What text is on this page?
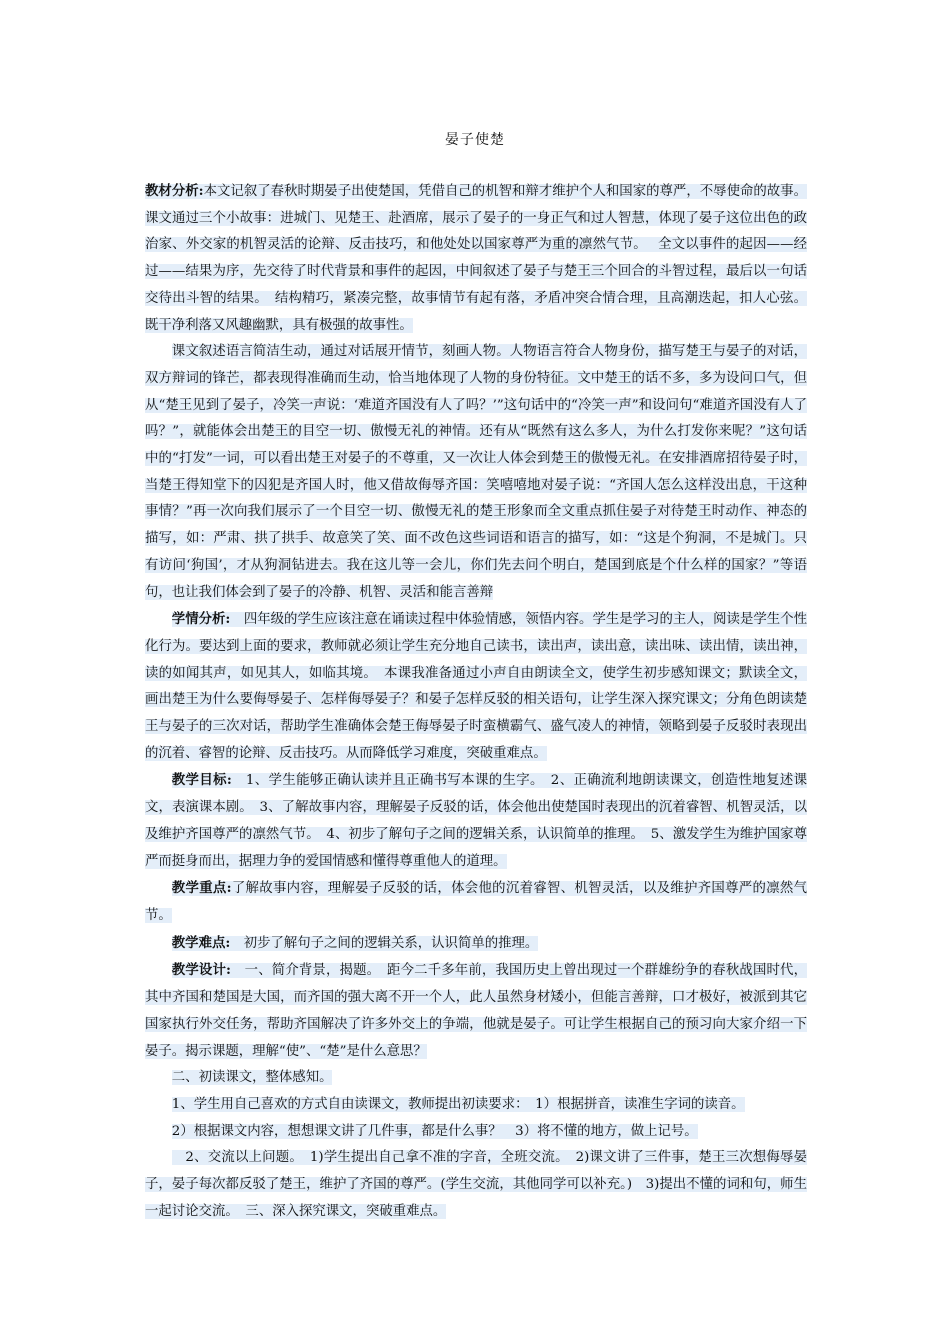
晏子使楚

教材分析:本文记叙了春秋时期晏子出使楚国，凭借自己的机智和辩才维护个人和国家的尊严，不辱使命的故事。课文通过三个小故事：进城门、见楚王、赴酒席，展示了晏子的一身正气和过人智慧，体现了晏子这位出色的政治家、外交家的机智灵活的论辩、反击技巧，和他处处以国家尊严为重的凛然气节。　 全文以事件的起因——经过——结果为序，先交待了时代背景和事件的起因，中间叙述了晏子与楚王三个回合的斗智过程，最后以一句话交待出斗智的结果。　结构精巧，紧凑完整，故事情节有起有落，矛盾冲突合情合理，且高潮迭起，扣人心弦。既干净利落又风趣幽默，具有极强的故事性。

课文叙述语言简洁生动，通过对话展开情节，刻画人物。人物语言符合人物身份，描写楚王与晏子的对话，双方辩词的锋芒，都表现得准确而生动，恰当地体现了人物的身份特征。文中楚王的话不多，多为设问口气，但从“楚王见到了晏子，冷笑一声说：‘难道齐国没有人了吗？’”这句话中的“冷笑一声”和设问句“难道齐国没有人了吗？”，就能体会出楚王的目空一切、傲慢无礼的神情。还有从“既然有这么多人，为什么打发你来呢？”这句话中的“打发”一词，可以看出楚王对晏子的不尊重，又一次让人体会到楚王的傲慢无礼。在安排酒席招待晏子时，当楚王得知堂下的囚犯是齐国人时，他又借故侮辱齐国：笑嘻嘻地对晏子说：“齐国人怎么这样没出息，干这种事情？”再一次向我们展示了一个目空一切、傲慢无礼的楚王形象而全文重点抓住晏子对待楚王时动作、神态的描写，如：严肃、拱了拱手、故意笑了笑、面不改色这些词语和语言的描写，如：“这是个狗洞，不是城门。只有访问‘狗国’，才从狗洞钻进去。我在这儿等一会儿，你们先去问个明白，楚国到底是个什么样的国家？”等语句，也让我们体会到了晏子的冷静、机智、灵活和能言善辩

学情分析:　四年级的学生应该注意在诵读过程中体验情感，领悟内容。学生是学习的主人，阅读是学生个性化行为。要达到上面的要求，教师就必须让学生充分地自己读书，读出声，读出意，读出味、读出情，读出神，读的如闻其声，如见其人，如临其境。　本课我准备通过小声自由朗读全文，使学生初步感知课文；默读全文，画出楚王为什么要侮辱晏子、怎样侮辱晏子？和晏子怎样反驳的相关语句，让学生深入探究课文；分角色朗读楚王与晏子的三次对话，帮助学生准确体会楚王侮辱晏子时蛮横霸气、盛气凌人的神情，领略到晏子反驳时表现出的沉着、睿智的论辩、反击技巧。从而降低学习难度，突破重难点。

教学目标:　1、学生能够正确认读并且正确书写本课的生字。　2、正确流利地朗读课文，创造性地复述课文，表演课本剧。　3、了解故事内容，理解晏子反驳的话，体会他出使楚国时表现出的沉着睿智、机智灵活，以及维护齐国尊严的凛然气节。　4、初步了解句子之间的逻辑关系，认识简单的推理。　5、激发学生为维护国家尊严而挺身而出，据理力争的爱国情感和懂得尊重他人的道理。

教学重点:了解故事内容，理解晏子反驳的话，体会他的沉着睿智、机智灵活，以及维护齐国尊严的凛然气节。

教学难点:　初步了解句子之间的逻辑关系，认识简单的推理。

教学设计:　一、简介背景，揭题。　距今二千多年前，我国历史上曾出现过一个群雄纷争的春秋战国时代，其中齐国和楚国是大国，而齐国的强大离不开一个人，此人虽然身材矮小，但能言善辩，口才极好，被派到其它国家执行外交任务，帮助齐国解决了许多外交上的争端，他就是晏子。可让学生根据自己的预习向大家介绍一下晏子。揭示课题，理解“使”、“楚”是什么意思？

二、初读课文，整体感知。

1、学生用自己喜欢的方式自由读课文，教师提出初读要求：　1）根据拼音，读准生字词的读音。

2）根据课文内容，想想课文讲了几件事，都是什么事？　3）将不懂的地方，做上记号。

　2、交流以上问题。　1)学生提出自己拿不准的字音，全班交流。　2)课文讲了三件事，楚王三次想侮辱晏子，晏子每次都反驳了楚王，维护了齐国的尊严。(学生交流，其他同学可以补充。)　3)提出不懂的词和句，师生一起讨论交流。　三、深入探究课文，突破重难点。
